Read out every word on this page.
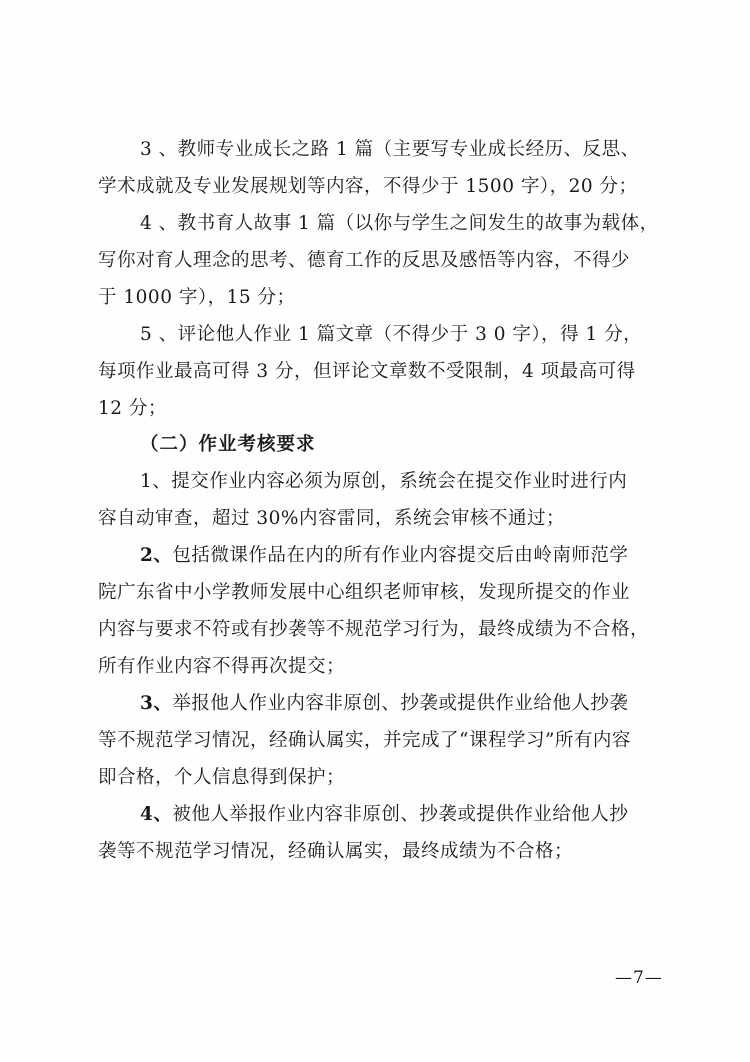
3 、教师专业成长之路 1 篇（主要写专业成长经历、反思、
学术成就及专业发展规划等内容，不得少于 1500 字），20 分；
4 、教书育人故事 1 篇（以你与学生之间发生的故事为载体，
写你对育人理念的思考、德育工作的反思及感悟等内容，不得少
于 1000 字），15 分；
5 、评论他人作业 1 篇文章（不得少于 3 0 字），得 1 分，
每项作业最高可得 3 分，但评论文章数不受限制，4 项最高可得
12 分；
（二）作业考核要求
1、提交作业内容必须为原创，系统会在提交作业时进行内
容自动审查，超过 30%内容雷同，系统会审核不通过；
2、包括微课作品在内的所有作业内容提交后由岭南师范学
院广东省中小学教师发展中心组织老师审核，发现所提交的作业
内容与要求不符或有抄袭等不规范学习行为，最终成绩为不合格，
所有作业内容不得再次提交；
3、举报他人作业内容非原创、抄袭或提供作业给他人抄袭
等不规范学习情况，经确认属实，并完成了“课程学习”所有内容
即合格，个人信息得到保护；
4、被他人举报作业内容非原创、抄袭或提供作业给他人抄
袭等不规范学习情况，经确认属实，最终成绩为不合格；
—7—
